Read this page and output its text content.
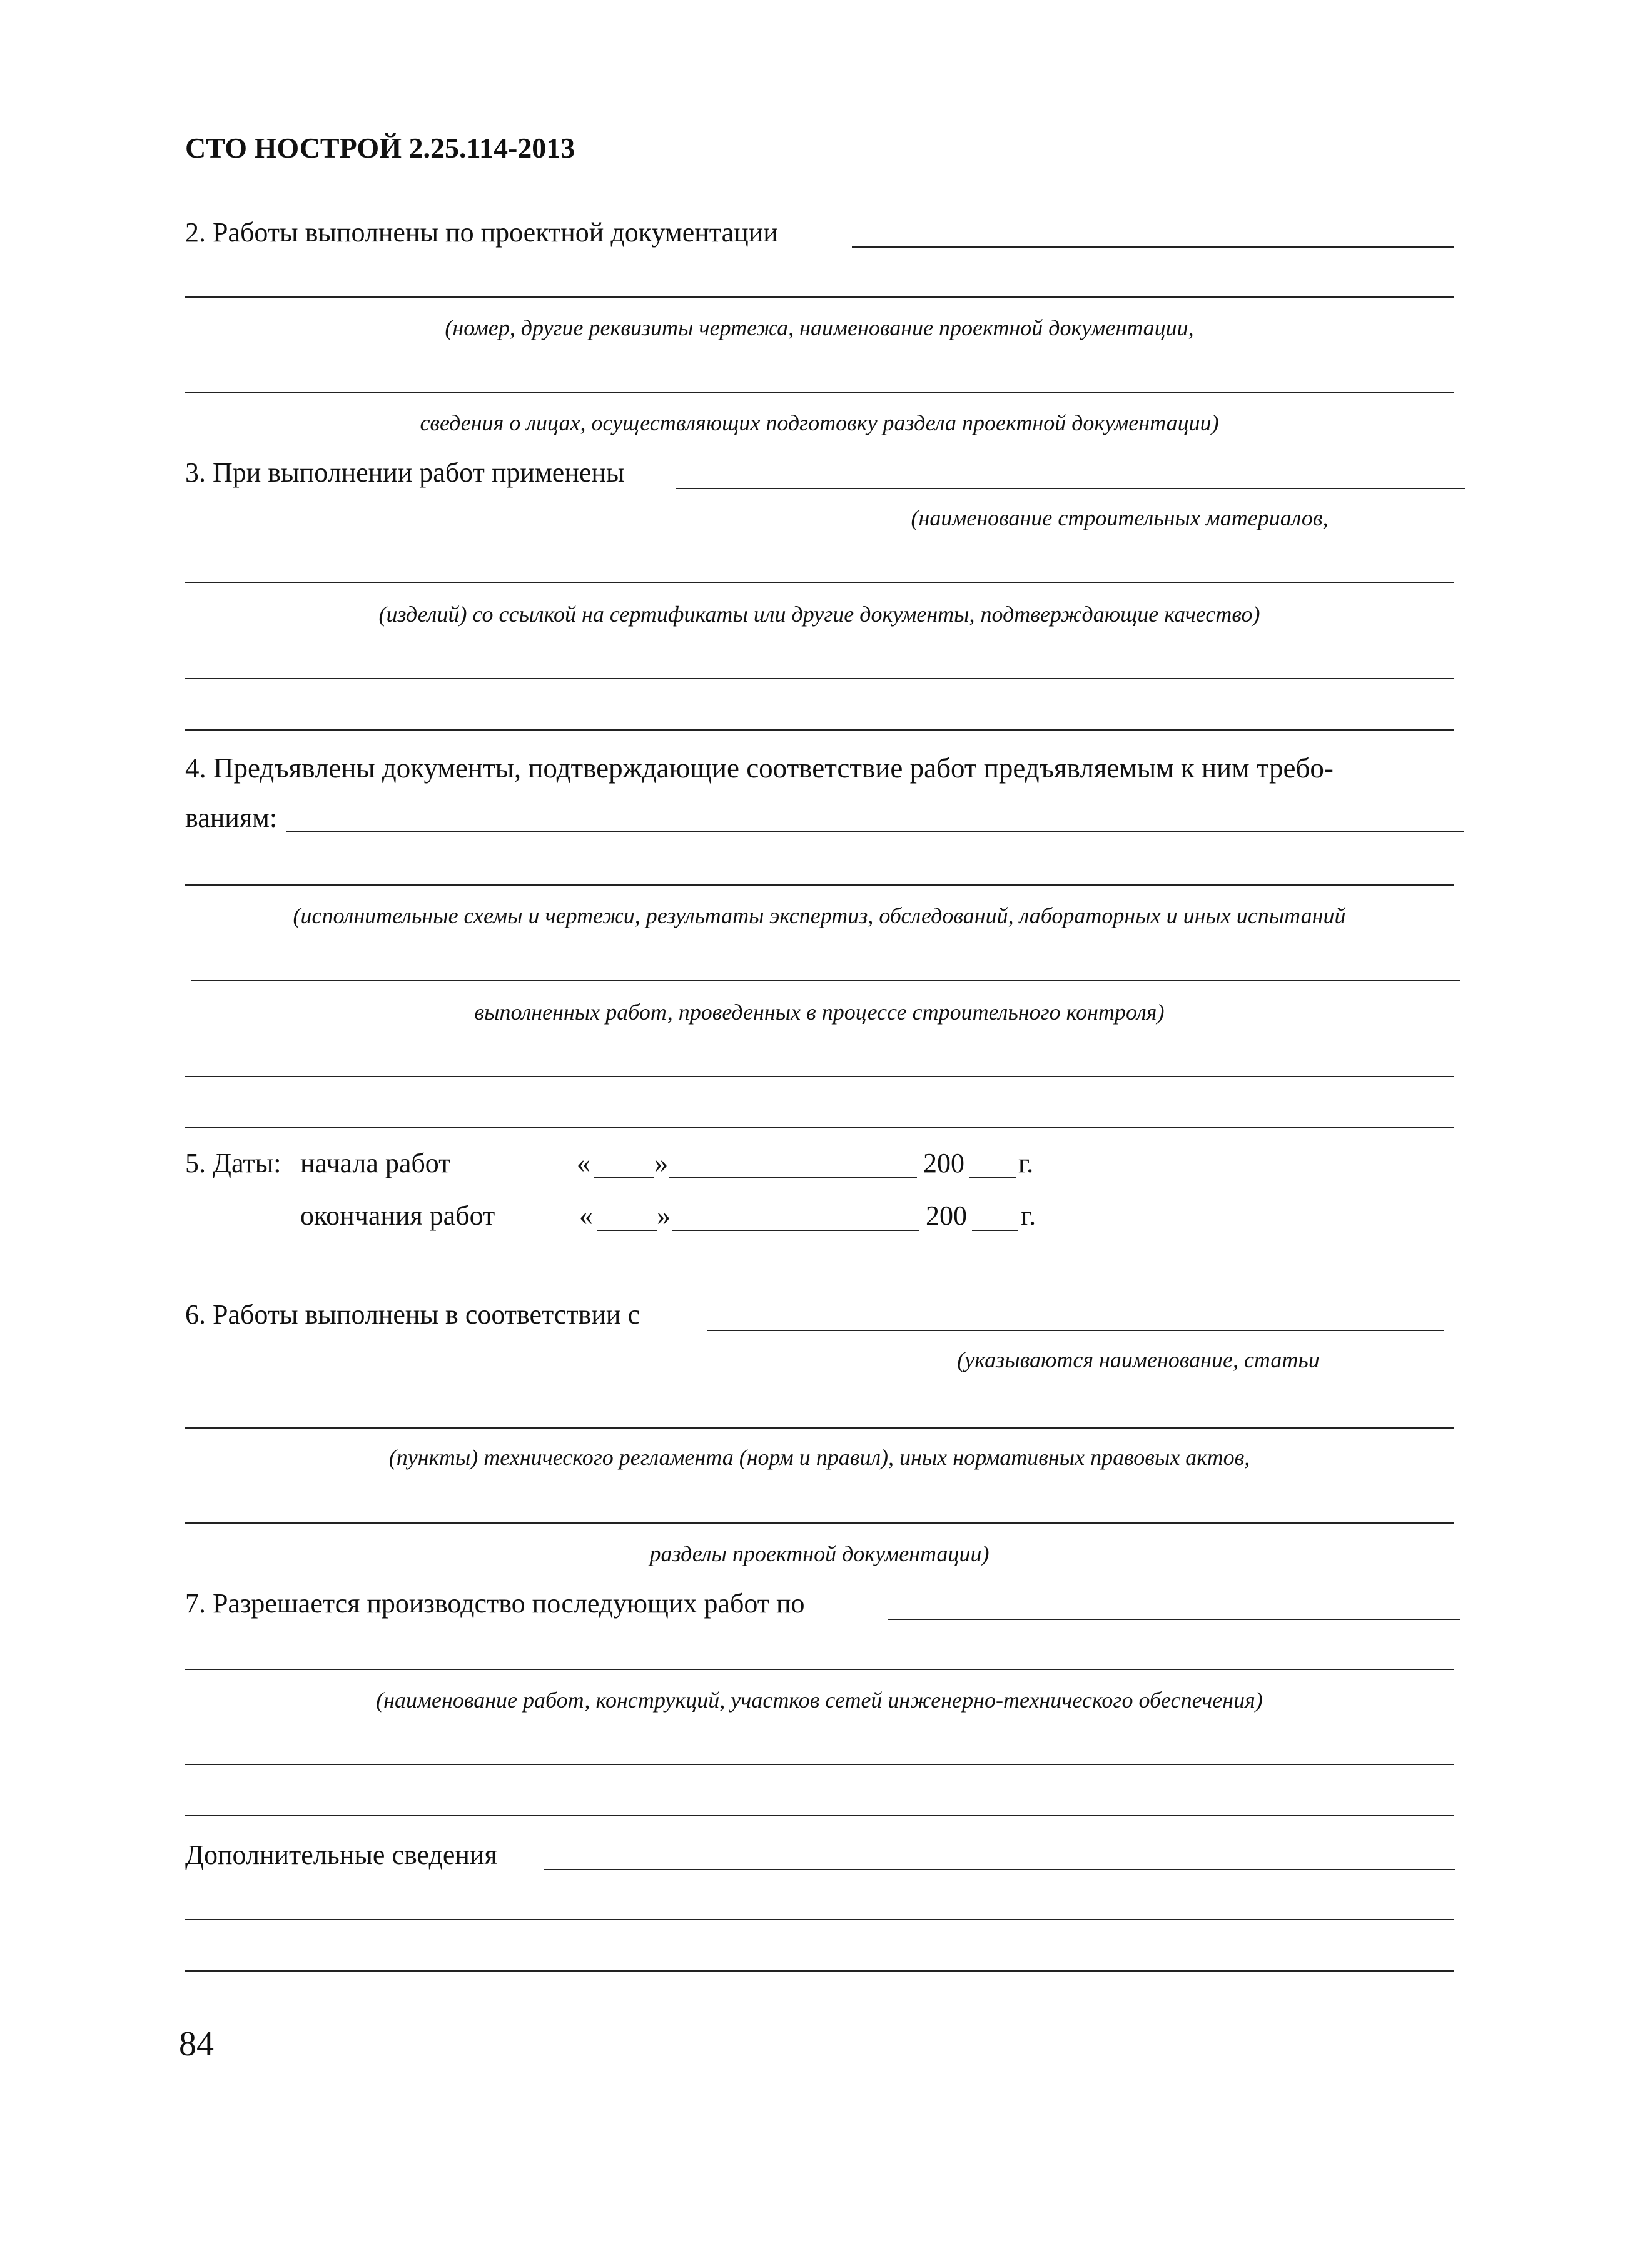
СТО НОСТРОЙ 2.25.114-2013
2. Работы выполнены по проектной документации
(номер, другие реквизиты чертежа, наименование проектной документации,
сведения о лицах, осуществляющих подготовку раздела проектной документации)
3. При выполнении работ применены
(наименование строительных материалов,
(изделий) со ссылкой на сертификаты или другие документы, подтверждающие качество)
4. Предъявлены документы, подтверждающие соответствие работ предъявляемым к ним требо-
ваниям:
(исполнительные схемы и чертежи, результаты экспертиз, обследований, лабораторных и иных испытаний
выполненных работ, проведенных в процессе строительного контроля)
5. Даты: начала работ	« »	200 г.
окончания работ	« »	200 г.
6. Работы выполнены в соответствии с
(указываются наименование, статьи
(пункты) технического регламента (норм и правил), иных нормативных правовых актов,
разделы проектной документации)
7. Разрешается производство последующих работ по
(наименование работ, конструкций, участков сетей инженерно-технического обеспечения)
Дополнительные сведения
84
